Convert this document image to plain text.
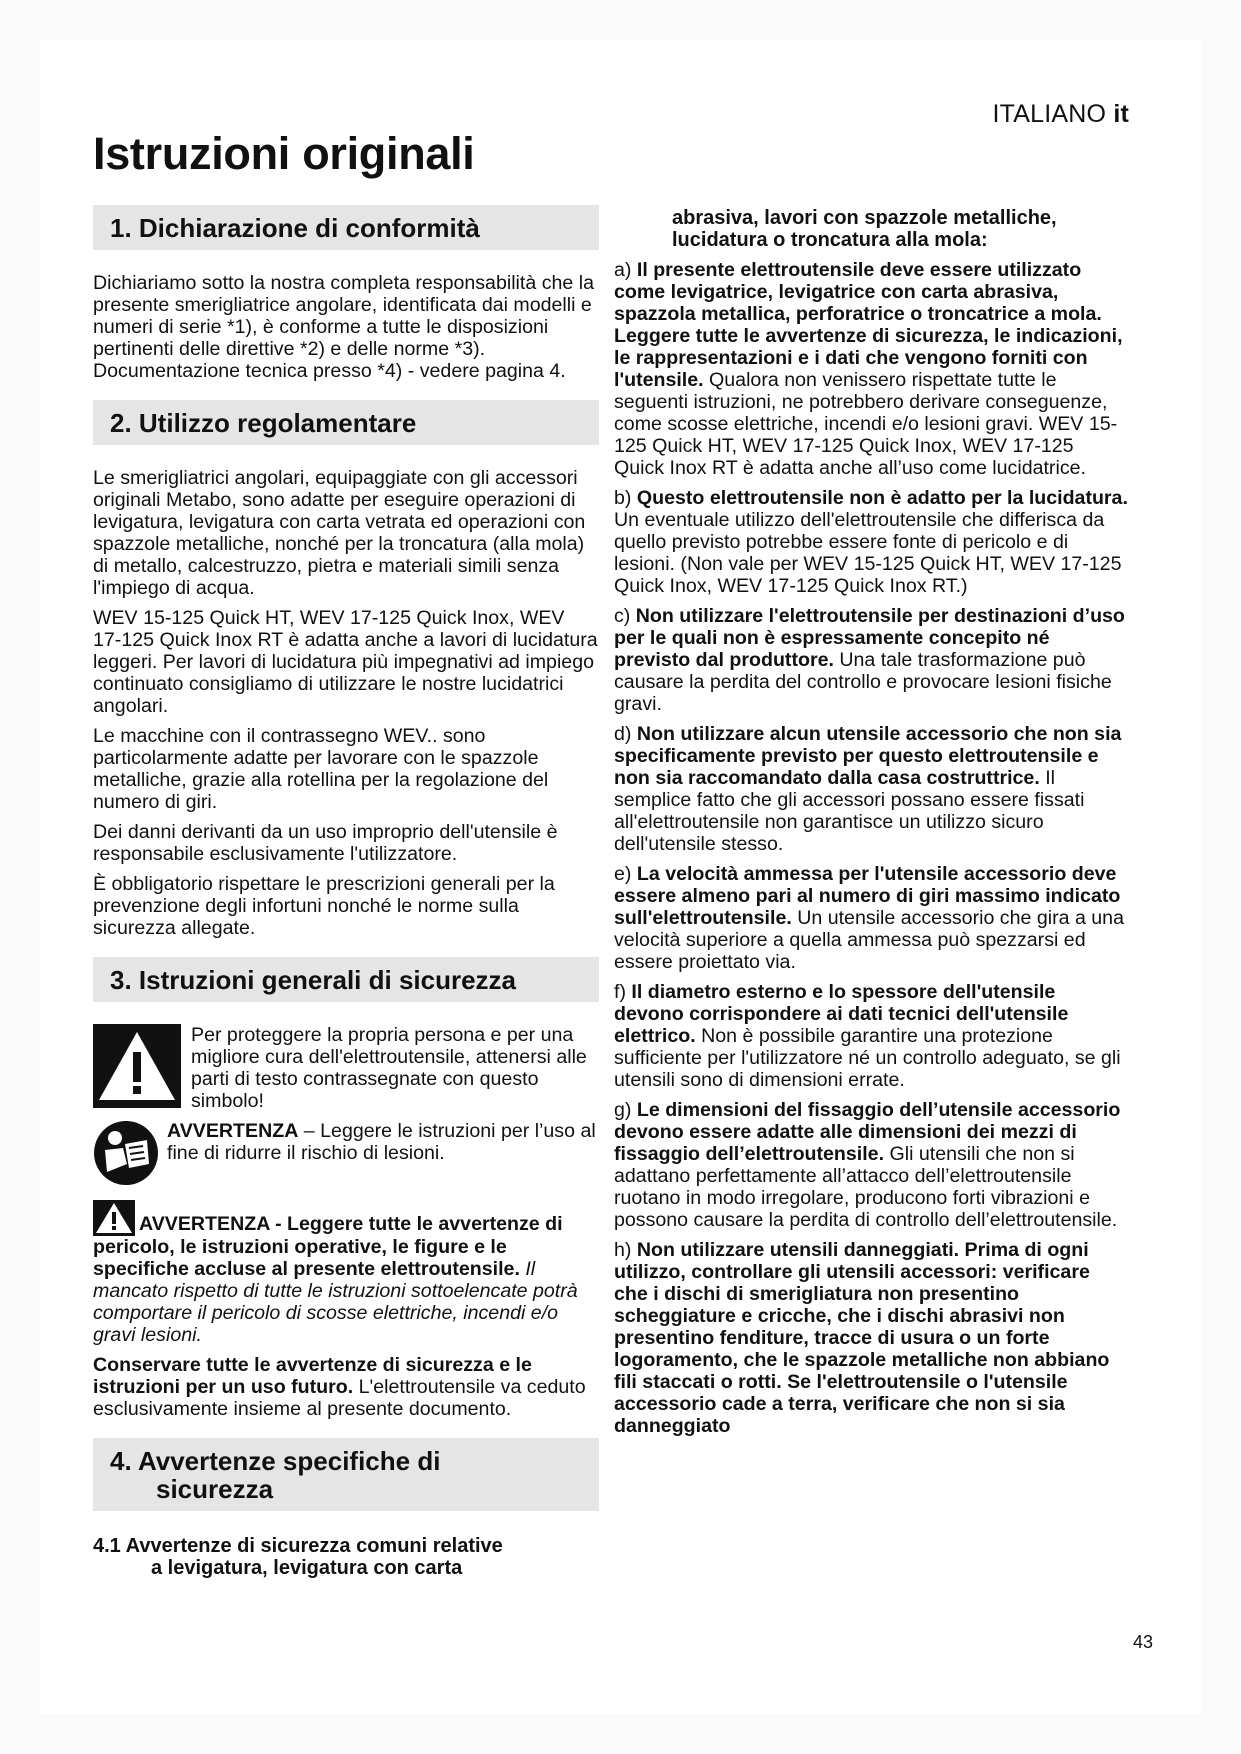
ITALIANO it
Istruzioni originali
1. Dichiarazione di conformità

Dichiariamo sotto la nostra completa responsabilità che la presente smerigliatrice angolare, identificata dai modelli e numeri di serie *1), è conforme a tutte le disposizioni pertinenti delle direttive *2) e delle norme *3). Documentazione tecnica presso *4) - vedere pagina 4.

2. Utilizzo regolamentare

Le smerigliatrici angolari, equipaggiate con gli accessori originali Metabo, sono adatte per eseguire operazioni di levigatura, levigatura con carta vetrata ed operazioni con spazzole metalliche, nonché per la troncatura (alla mola) di metallo, calcestruzzo, pietra e materiali simili senza l'impiego di acqua.

WEV 15-125 Quick HT, WEV 17-125 Quick Inox, WEV 17-125 Quick Inox RT è adatta anche a lavori di lucidatura leggeri. Per lavori di lucidatura più impegnativi ad impiego continuato consigliamo di utilizzare le nostre lucidatrici angolari.

Le macchine con il contrassegno WEV.. sono particolarmente adatte per lavorare con le spazzole metalliche, grazie alla rotellina per la regolazione del numero di giri.

Dei danni derivanti da un uso improprio dell'utensile è responsabile esclusivamente l'utilizzatore.

È obbligatorio rispettare le prescrizioni generali per la prevenzione degli infortuni nonché le norme sulla sicurezza allegate.

3. Istruzioni generali di sicurezza
Per proteggere la propria persona e per una migliore cura dell'elettroutensile, attenersi alle parti di testo contrassegnate con questo simbolo!
AVVERTENZA – Leggere le istruzioni per l’uso al fine di ridurre il rischio di lesioni.

AVVERTENZA - Leggere tutte le avvertenze di pericolo, le istruzioni operative, le figure e le specifiche accluse al presente elettroutensile. Il mancato rispetto di tutte le istruzioni sottoelencate potrà comportare il pericolo di scosse elettriche, incendi e/o gravi lesioni.

Conservare tutte le avvertenze di sicurezza e le istruzioni per un uso futuro. L'elettroutensile va ceduto esclusivamente insieme al presente documento.

4. Avvertenze specifiche di
sicurezza
4.1 Avvertenze di sicurezza comuni relative
a levigatura, levigatura con carta
abrasiva, lavori con spazzole metalliche, lucidatura o troncatura alla mola:

a) Il presente elettroutensile deve essere utilizzato come levigatrice, levigatrice con carta abrasiva, spazzola metallica, perforatrice o troncatrice a mola. Leggere tutte le avvertenze di sicurezza, le indicazioni, le rappresentazioni e i dati che vengono forniti con l'utensile. Qualora non venissero rispettate tutte le seguenti istruzioni, ne potrebbero derivare conseguenze, come scosse elettriche, incendi e/o lesioni gravi. WEV 15-125 Quick HT, WEV 17-125 Quick Inox, WEV 17-125 Quick Inox RT è adatta anche all’uso come lucidatrice.

b) Questo elettroutensile non è adatto per la lucidatura. Un eventuale utilizzo dell'elettroutensile che differisca da quello previsto potrebbe essere fonte di pericolo e di lesioni. (Non vale per WEV 15-125 Quick HT, WEV 17-125 Quick Inox, WEV 17-125 Quick Inox RT.)

c) Non utilizzare l'elettroutensile per destinazioni d’uso per le quali non è espressamente concepito né previsto dal produttore. Una tale trasformazione può causare la perdita del controllo e provocare lesioni fisiche gravi.

d) Non utilizzare alcun utensile accessorio che non sia specificamente previsto per questo elettroutensile e non sia raccomandato dalla casa costruttrice. Il semplice fatto che gli accessori possano essere fissati all'elettroutensile non garantisce un utilizzo sicuro dell'utensile stesso.

e) La velocità ammessa per l'utensile accessorio deve essere almeno pari al numero di giri massimo indicato sull'elettroutensile. Un utensile accessorio che gira a una velocità superiore a quella ammessa può spezzarsi ed essere proiettato via.

f) Il diametro esterno e lo spessore dell'utensile devono corrispondere ai dati tecnici dell'utensile elettrico. Non è possibile garantire una protezione sufficiente per l'utilizzatore né un controllo adeguato, se gli utensili sono di dimensioni errate.

g) Le dimensioni del fissaggio dell’utensile accessorio devono essere adatte alle dimensioni dei mezzi di fissaggio dell’elettroutensile. Gli utensili che non si adattano perfettamente all’attacco dell’elettroutensile ruotano in modo irregolare, producono forti vibrazioni e possono causare la perdita di controllo dell’elettroutensile.

h) Non utilizzare utensili danneggiati. Prima di ogni utilizzo, controllare gli utensili accessori: verificare che i dischi di smerigliatura non presentino scheggiature e cricche, che i dischi abrasivi non presentino fenditure, tracce di usura o un forte logoramento, che le spazzole metalliche non abbiano fili staccati o rotti. Se l'elettroutensile o l'utensile accessorio cade a terra, verificare che non si sia danneggiato

43
